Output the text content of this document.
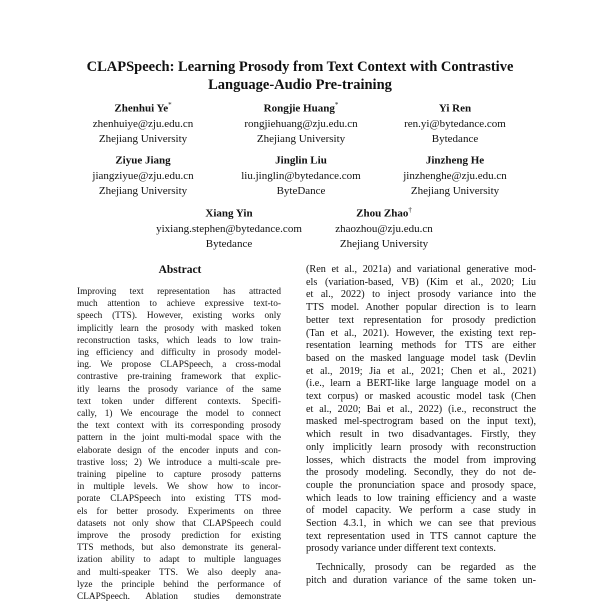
CLAPSpeech: Learning Prosody from Text Context with Contrastive
Language-Audio Pre-training
Zhenhui Ye*
zhenhuiye@zju.edu.cn
Zhejiang University
Rongjie Huang*
rongjiehuang@zju.edu.cn
Zhejiang University
Yi Ren
ren.yi@bytedance.com
Bytedance
Ziyue Jiang
jiangziyue@zju.edu.cn
Zhejiang University
Jinglin Liu
liu.jinglin@bytedance.com
ByteDance
Jinzheng He
jinzhenghe@zju.edu.cn
Zhejiang University
Xiang Yin
yixiang.stephen@bytedance.com
Bytedance
Zhou Zhao†
zhaozhou@zju.edu.cn
Zhejiang University
Abstract
Improving text representation has attracted
much attention to achieve expressive text-to-
speech (TTS). However, existing works only
implicitly learn the prosody with masked token
reconstruction tasks, which leads to low train-
ing efficiency and difficulty in prosody model-
ing. We propose CLAPSpeech, a cross-modal
contrastive pre-training framework that explic-
itly learns the prosody variance of the same
text token under different contexts. Specifi-
cally, 1) We encourage the model to connect
the text context with its corresponding prosody
pattern in the joint multi-modal space with the
elaborate design of the encoder inputs and con-
trastive loss; 2) We introduce a multi-scale pre-
training pipeline to capture prosody patterns
in multiple levels. We show how to incor-
porate CLAPSpeech into existing TTS mod-
els for better prosody. Experiments on three
datasets not only show that CLAPSpeech could
improve the prosody prediction for existing
TTS methods, but also demonstrate its general-
ization ability to adapt to multiple languages
and multi-speaker TTS. We also deeply ana-
lyze the principle behind the performance of
CLAPSpeech. Ablation studies demonstrate
(Ren et al., 2021a) and variational generative mod-
els (variation-based, VB) (Kim et al., 2020; Liu
et al., 2022) to inject prosody variance into the
TTS model. Another popular direction is to learn
better text representation for prosody prediction
(Tan et al., 2021). However, the existing text rep-
resentation learning methods for TTS are either
based on the masked language model task (Devlin
et al., 2019; Jia et al., 2021; Chen et al., 2021)
(i.e., learn a BERT-like large language model on a
text corpus) or masked acoustic model task (Chen
et al., 2020; Bai et al., 2022) (i.e., reconstruct the
masked mel-spectrogram based on the input text),
which result in two disadvantages. Firstly, they
only implicitly learn prosody with reconstruction
losses, which distracts the model from improving
the prosody modeling. Secondly, they do not de-
couple the pronunciation space and prosody space,
which leads to low training efficiency and a waste
of model capacity. We perform a case study in
Section 4.3.1, in which we can see that previous
text representation used in TTS cannot capture the
prosody variance under different text contexts.
Technically, prosody can be regarded as the
pitch and duration variance of the same token un-
